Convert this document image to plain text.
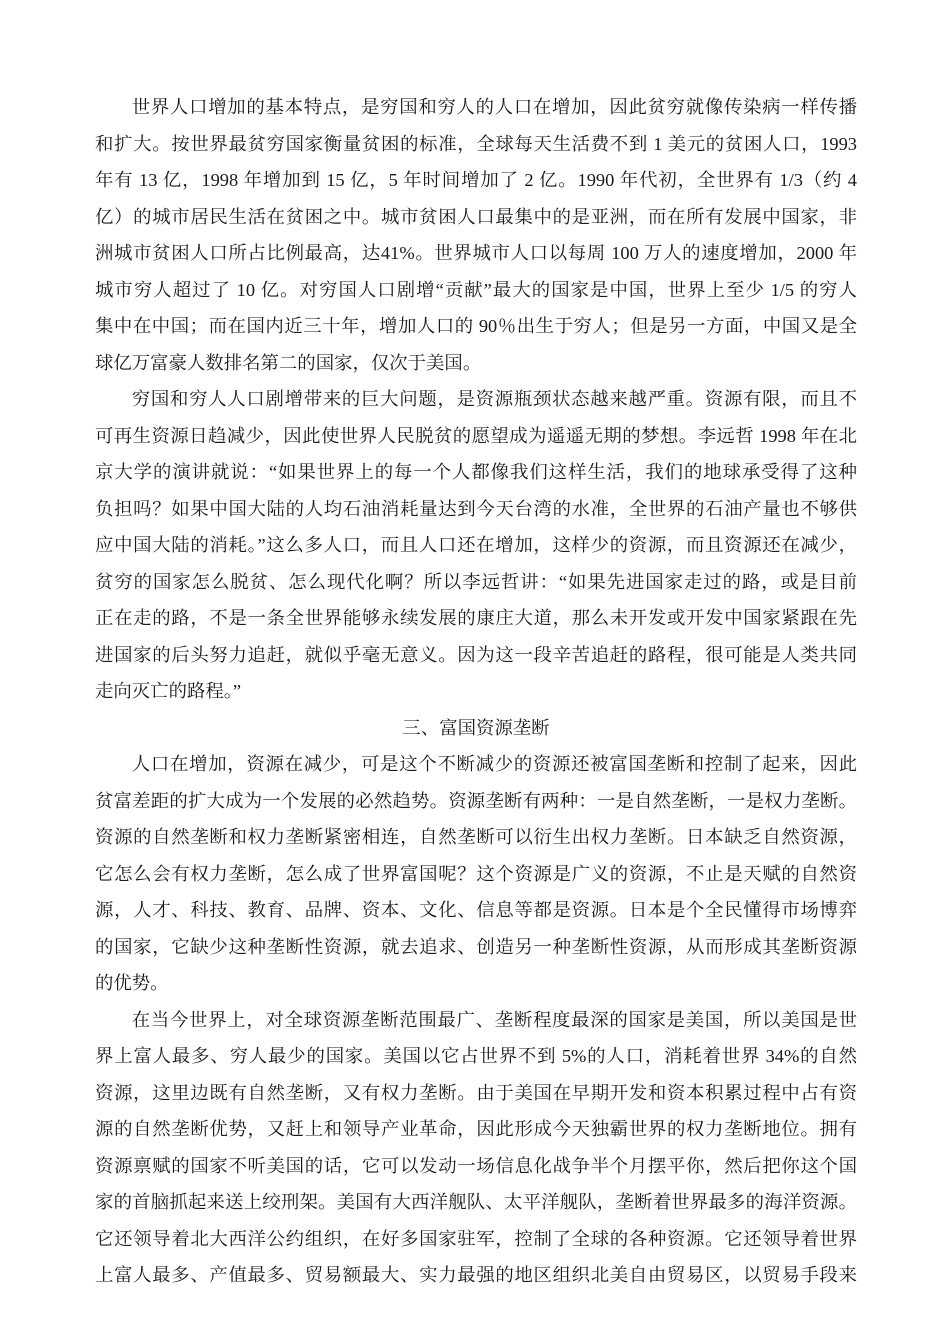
世界人口增加的基本特点，是穷国和穷人的人口在增加，因此贫穷就像传染病一样传播
和扩大。按世界最贫穷国家衡量贫困的标准，全球每天生活费不到 1 美元的贫困人口，1993
年有 13 亿，1998 年增加到 15 亿，5 年时间增加了 2 亿。1990 年代初，全世界有 1/3（约 4
亿）的城市居民生活在贫困之中。城市贫困人口最集中的是亚洲，而在所有发展中国家，非
洲城市贫困人口所占比例最高，达41%。世界城市人口以每周 100 万人的速度增加，2000 年
城市穷人超过了 10 亿。对穷国人口剧增“贡献”最大的国家是中国，世界上至少 1/5 的穷人
集中在中国；而在国内近三十年，增加人口的 90％出生于穷人；但是另一方面，中国又是全
球亿万富豪人数排名第二的国家，仅次于美国。
穷国和穷人人口剧增带来的巨大问题，是资源瓶颈状态越来越严重。资源有限，而且不
可再生资源日趋减少，因此使世界人民脱贫的愿望成为遥遥无期的梦想。李远哲 1998 年在北
京大学的演讲就说：“如果世界上的每一个人都像我们这样生活，我们的地球承受得了这种
负担吗？如果中国大陆的人均石油消耗量达到今天台湾的水准，全世界的石油产量也不够供
应中国大陆的消耗。”这么多人口，而且人口还在增加，这样少的资源，而且资源还在减少，
贫穷的国家怎么脱贫、怎么现代化啊？所以李远哲讲：“如果先进国家走过的路，或是目前
正在走的路，不是一条全世界能够永续发展的康庄大道，那么未开发或开发中国家紧跟在先
进国家的后头努力追赶，就似乎毫无意义。因为这一段辛苦追赶的路程，很可能是人类共同
走向灭亡的路程。”
三、富国资源垄断
人口在增加，资源在减少，可是这个不断减少的资源还被富国垄断和控制了起来，因此
贫富差距的扩大成为一个发展的必然趋势。资源垄断有两种：一是自然垄断，一是权力垄断。
资源的自然垄断和权力垄断紧密相连，自然垄断可以衍生出权力垄断。日本缺乏自然资源，
它怎么会有权力垄断，怎么成了世界富国呢？这个资源是广义的资源，不止是天赋的自然资
源，人才、科技、教育、品牌、资本、文化、信息等都是资源。日本是个全民懂得市场博弈
的国家，它缺少这种垄断性资源，就去追求、创造另一种垄断性资源，从而形成其垄断资源
的优势。
在当今世界上，对全球资源垄断范围最广、垄断程度最深的国家是美国，所以美国是世
界上富人最多、穷人最少的国家。美国以它占世界不到 5%的人口，消耗着世界 34%的自然
资源，这里边既有自然垄断，又有权力垄断。由于美国在早期开发和资本积累过程中占有资
源的自然垄断优势，又赶上和领导产业革命，因此形成今天独霸世界的权力垄断地位。拥有
资源禀赋的国家不听美国的话，它可以发动一场信息化战争半个月摆平你，然后把你这个国
家的首脑抓起来送上绞刑架。美国有大西洋舰队、太平洋舰队，垄断着世界最多的海洋资源。
它还领导着北大西洋公约组织，在好多国家驻军，控制了全球的各种资源。它还领导着世界
上富人最多、产值最多、贸易额最大、实力最强的地区组织北美自由贸易区，以贸易手段来
